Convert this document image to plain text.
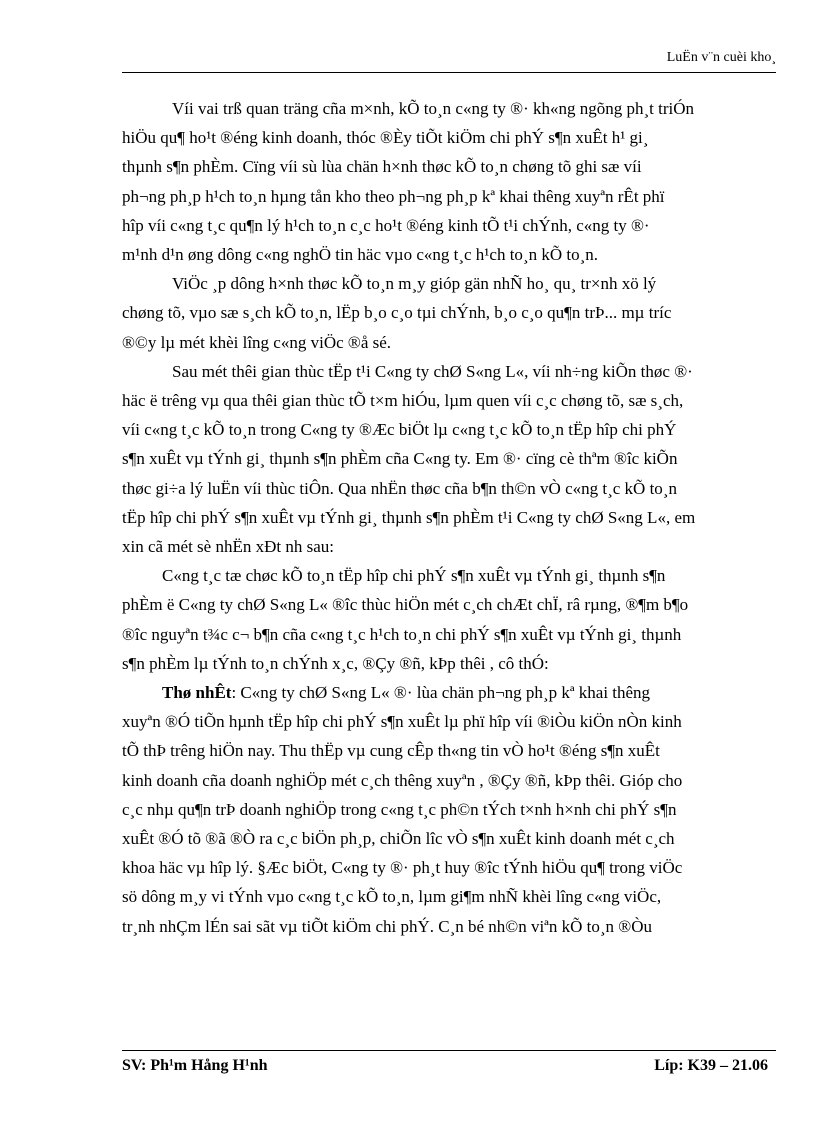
LuËn v¨n cuèi kho¸

Víi vai trß quan träng cña m×nh, kÕ to¸n c«ng ty ®· kh«ng ngõng ph¸t triÓn
hiÖu qu¶ ho¹t ®éng kinh doanh, thóc ®Èy tiÕt kiÖm chi phÝ s¶n xuÊt h¹ gi¸
thµnh s¶n phÈm. Cïng víi sù lùa chän h×nh thøc kÕ to¸n chøng tõ ghi sæ víi
ph¬ng ph¸p h¹ch to¸n hµng tån kho theo ph¬ng ph¸p kª khai thêng xuyªn rÊt phï
hîp víi c«ng t¸c qu¶n lý h¹ch to¸n c¸c ho¹t ®éng kinh tÕ t¹i chÝnh, c«ng ty ®·
m¹nh d¹n øng dông c«ng nghÖ tin häc vµo c«ng t¸c h¹ch to¸n kÕ to¸n.

ViÖc ¸p dông h×nh thøc kÕ to¸n m¸y gióp gän nhÑ ho¸ qu¸ tr×nh xö lý
chøng tõ, vµo sæ s¸ch kÕ to¸n, lËp b¸o c¸o tµi chÝnh, b¸o c¸o qu¶n trÞ... mµ tríc
®©y lµ mét khèi lîng c«ng viÖc ®å sé.

Sau mét thêi gian thùc tËp t¹i C«ng ty chØ S«ng L«, víi nh÷ng kiÕn thøc ®·
häc ë trêng vµ qua thêi gian thùc tÕ t×m hiÓu, lµm quen víi c¸c chøng tõ, sæ s¸ch,
víi c«ng t¸c kÕ to¸n trong C«ng ty ®Æc biÖt lµ c«ng t¸c kÕ to¸n tËp hîp chi phÝ
s¶n xuÊt vµ tÝnh gi¸ thµnh s¶n phÈm cña C«ng ty. Em ®· cïng cè thªm ®îc kiÕn
thøc gi÷a lý luËn víi thùc tiÔn. Qua nhËn thøc cña b¶n th©n vÒ c«ng t¸c kÕ to¸n
tËp hîp chi phÝ s¶n xuÊt vµ tÝnh gi¸ thµnh s¶n phÈm t¹i C«ng ty chØ S«ng L«, em
xin cã mét sè nhËn xÐt nh sau:

C«ng t¸c tæ chøc kÕ to¸n tËp hîp chi phÝ s¶n xuÊt vµ tÝnh gi¸ thµnh s¶n
phÈm ë C«ng ty chØ S«ng L« ®îc thùc hiÖn mét c¸ch chÆt chÏ, râ rµng, ®¶m b¶o
®îc nguyªn t¾c c¬ b¶n cña c«ng t¸c h¹ch to¸n chi phÝ s¶n xuÊt vµ tÝnh gi¸ thµnh
s¶n phÈm lµ tÝnh to¸n chÝnh x¸c, ®Çy ®ñ, kÞp thêi , cô thÓ:

Thø nhÊt: C«ng ty chØ S«ng L« ®· lùa chän ph¬ng ph¸p kª khai thêng
xuyªn ®Ó tiÕn hµnh tËp hîp chi phÝ s¶n xuÊt lµ phï hîp víi ®iÒu kiÖn nÒn kinh
tÕ thÞ trêng hiÖn nay. Thu thËp vµ cung cÊp th«ng tin vÒ ho¹t ®éng s¶n xuÊt
kinh doanh cña doanh nghiÖp mét c¸ch thêng xuyªn , ®Çy ®ñ, kÞp thêi. Gióp cho
c¸c nhµ qu¶n trÞ doanh nghiÖp trong c«ng t¸c ph©n tÝch t×nh h×nh chi phÝ s¶n
xuÊt ®Ó tõ ®ã ®Ò ra c¸c biÖn ph¸p, chiÕn lîc vÒ s¶n xuÊt kinh doanh mét c¸ch
khoa häc vµ hîp lý. §Æc biÖt, C«ng ty ®· ph¸t huy ®îc tÝnh hiÖu qu¶ trong viÖc
sö dông m¸y vi tÝnh vµo c«ng t¸c kÕ to¸n, lµm gi¶m nhÑ khèi lîng c«ng viÖc,
tr¸nh nhÇm lÉn sai sãt vµ tiÕt kiÖm chi phÝ. C¸n bé nh©n viªn kÕ to¸n ®Òu

SV: Ph¹m Hång H¹nh	Líp: K39 – 21.06
